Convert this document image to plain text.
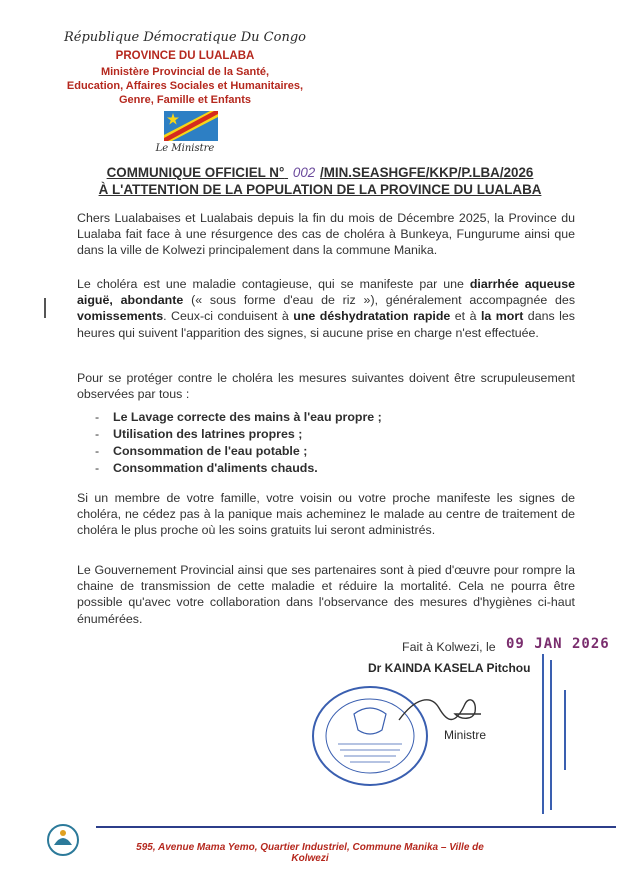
République Démocratique Du Congo
PROVINCE DU LUALABA
Ministère Provincial de la Santé,
Education, Affaires Sociales et Humanitaires,
Genre, Famille et Enfants
Le Ministre
COMMUNIQUE OFFICIEL N° 002 /MIN.SEASHGFE/KKP/P.LBA/2026
À L'ATTENTION DE LA POPULATION DE LA PROVINCE DU LUALABA
Chers Lualabaises et Lualabais depuis la fin du mois de Décembre 2025, la Province du Lualaba fait face à une résurgence des cas de choléra à Bunkeya, Fungurume ainsi que dans la ville de Kolwezi principalement dans la commune Manika.
Le choléra est une maladie contagieuse, qui se manifeste par une diarrhée aqueuse aiguë, abondante (« sous forme d'eau de riz »), généralement accompagnée des vomissements. Ceux-ci conduisent à une déshydratation rapide et à la mort dans les heures qui suivent l'apparition des signes, si aucune prise en charge n'est effectuée.
Pour se protéger contre le choléra les mesures suivantes doivent être scrupuleusement observées par tous :
- Le Lavage correcte des mains à l'eau propre ;
- Utilisation des latrines propres ;
- Consommation de l'eau potable ;
- Consommation d'aliments chauds.
Si un membre de votre famille, votre voisin ou votre proche manifeste les signes de choléra, ne cédez pas à la panique mais acheminez le malade au centre de traitement de choléra le plus proche où les soins gratuits lui seront administrés.
Le Gouvernement Provincial ainsi que ses partenaires sont à pied d'œuvre pour rompre la chaine de transmission de cette maladie et réduire la mortalité. Cela ne pourra être possible qu'avec votre collaboration dans l'observance des mesures d'hygiènes ci-haut énumérées.
Fait à Kolwezi, le 09 JAN 2026
Dr KAINDA KASELA Pitchou
Ministre
595, Avenue Mama Yemo, Quartier Industriel, Commune Manika – Ville de Kolwezi
